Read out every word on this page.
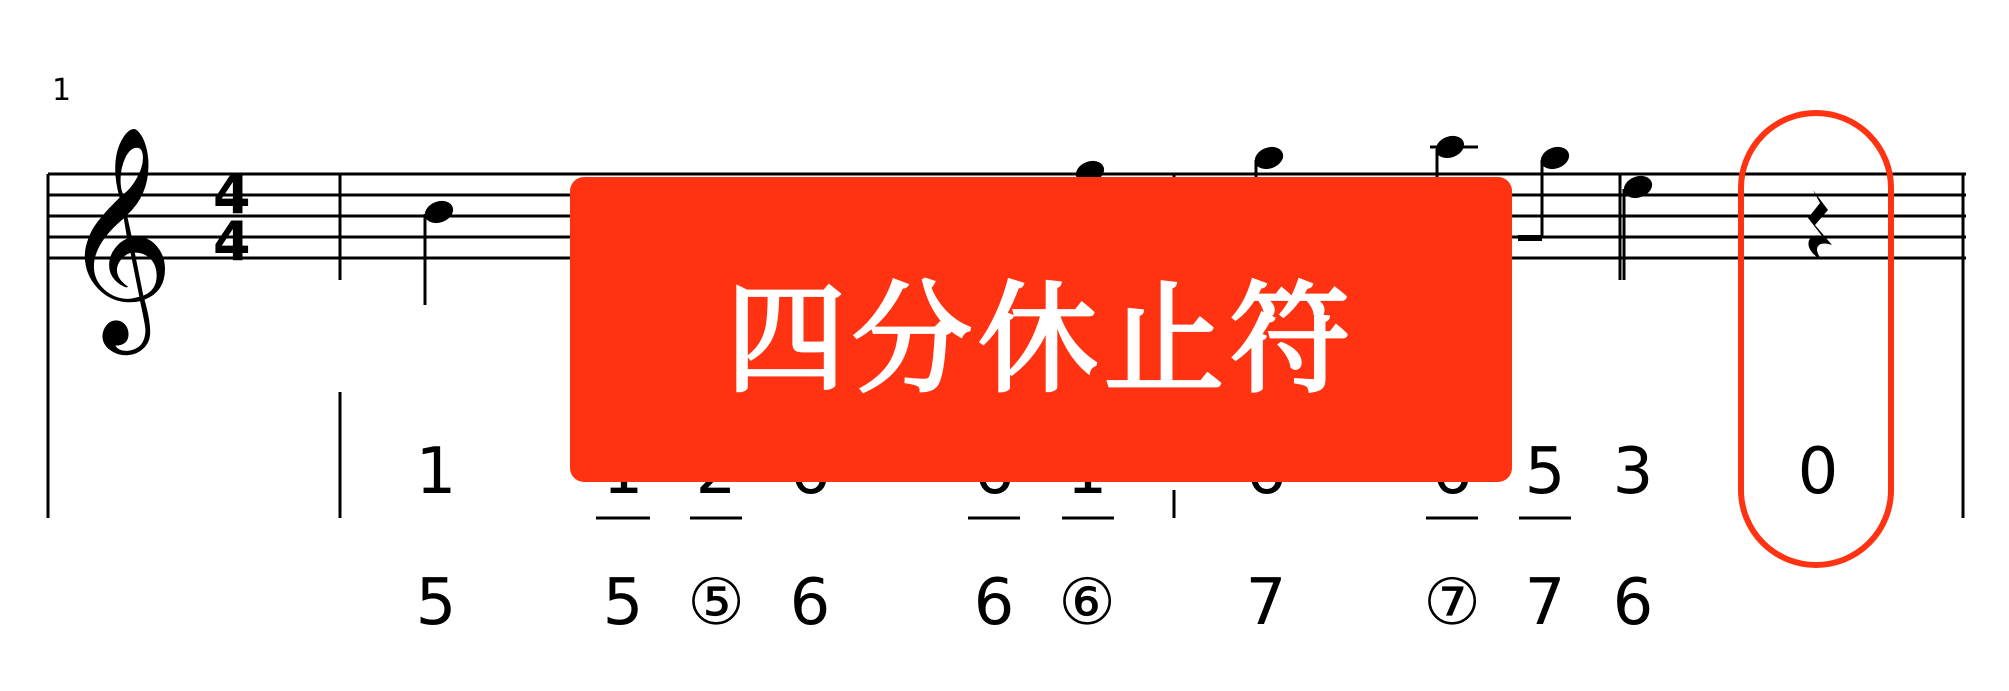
1
𝄞 4
4
1	5 3 0
5 5 ⑤ 6 6 ⑥ 7 ⑦ 7 6
四分休止符
